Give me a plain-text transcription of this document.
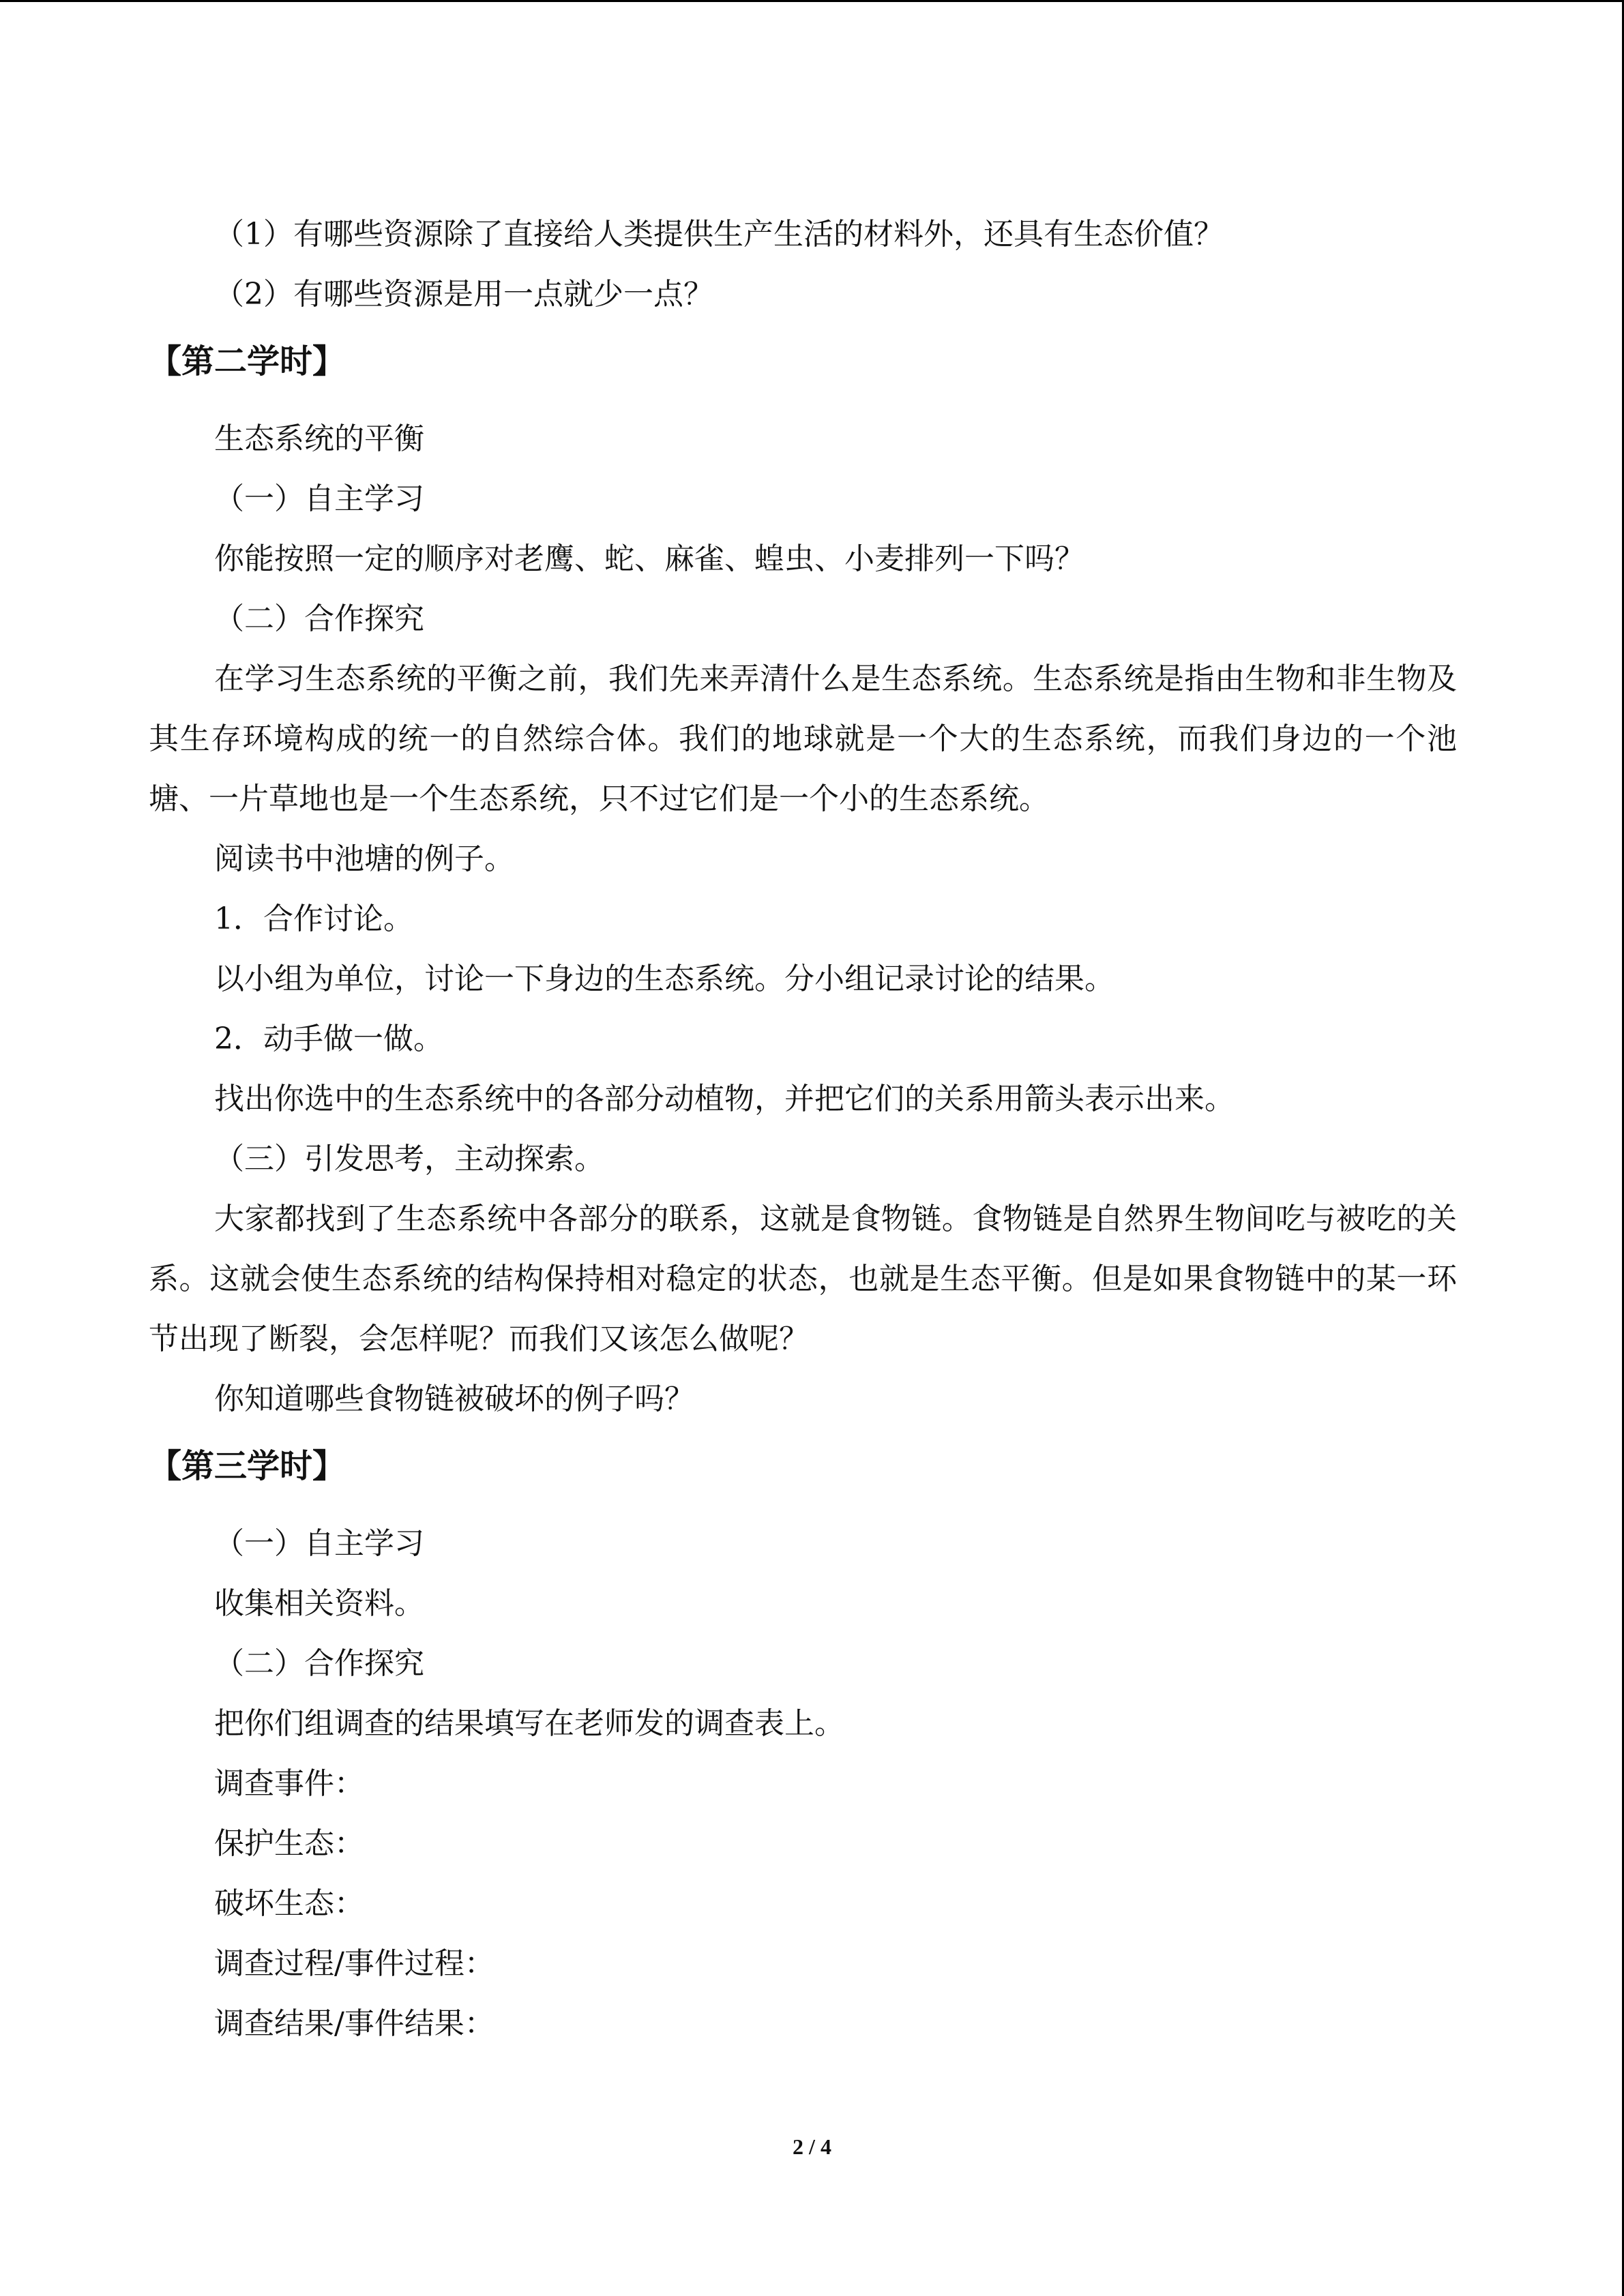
（1）有哪些资源除了直接给人类提供生产生活的材料外，还具有生态价值？

（2）有哪些资源是用一点就少一点？

【第二学时】

生态系统的平衡

（一）自主学习

你能按照一定的顺序对老鹰、蛇、麻雀、蝗虫、小麦排列一下吗？

（二）合作探究

在学习生态系统的平衡之前，我们先来弄清什么是生态系统。生态系统是指由生物和非生物及其生存环境构成的统一的自然综合体。我们的地球就是一个大的生态系统，而我们身边的一个池塘、一片草地也是一个生态系统，只不过它们是一个小的生态系统。

阅读书中池塘的例子。

1．合作讨论。

以小组为单位，讨论一下身边的生态系统。分小组记录讨论的结果。

2．动手做一做。

找出你选中的生态系统中的各部分动植物，并把它们的关系用箭头表示出来。

（三）引发思考，主动探索。

大家都找到了生态系统中各部分的联系，这就是食物链。食物链是自然界生物间吃与被吃的关系。这就会使生态系统的结构保持相对稳定的状态，也就是生态平衡。但是如果食物链中的某一环节出现了断裂，会怎样呢？而我们又该怎么做呢？

你知道哪些食物链被破坏的例子吗？

【第三学时】

（一）自主学习

收集相关资料。

（二）合作探究

把你们组调查的结果填写在老师发的调查表上。

调查事件：

保护生态：

破坏生态：

调查过程/事件过程：

调查结果/事件结果：

2 / 4
